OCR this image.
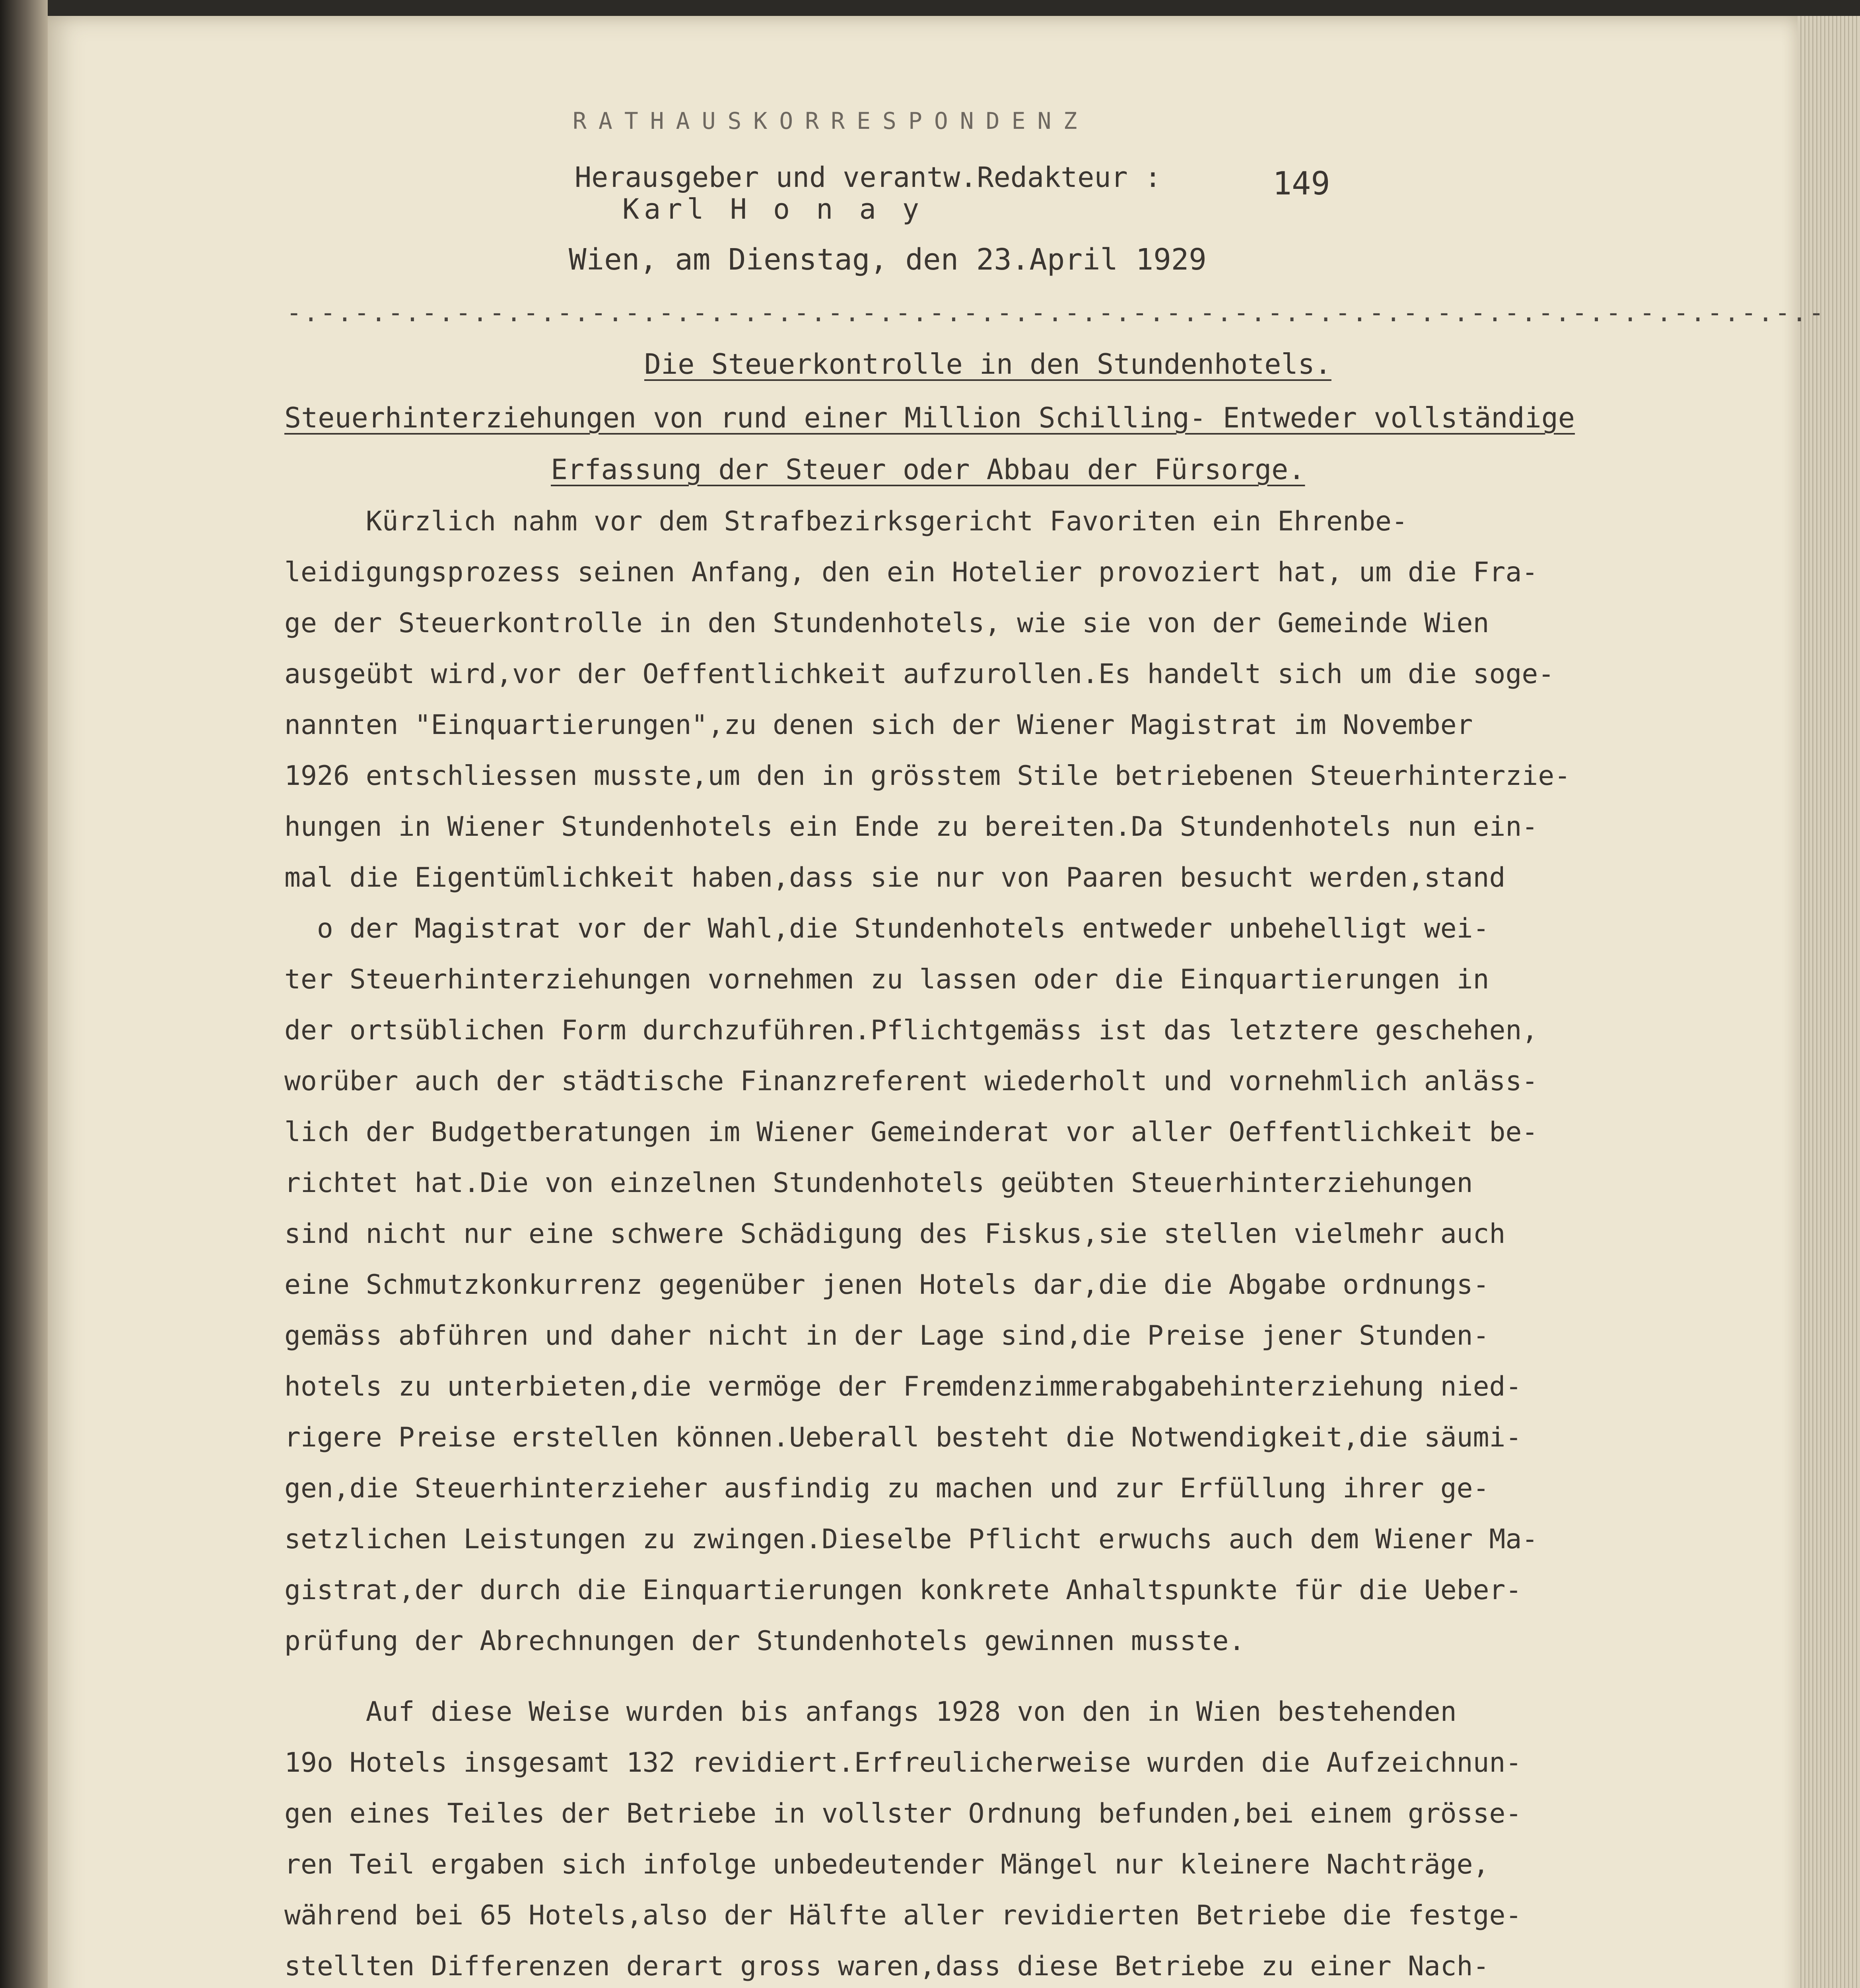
RATHAUSKORRESPONDENZ
Herausgeber und verantw.Redakteur :
Karl H o n a y
149
Wien, am Dienstag, den 23.April 1929
-.-.-.-.-.-.-.-.-.-.-.-.-.-.-.-.-.-.-.-.-.-.-.-.-.-.-.-.-.-.-.-.-.-.-.-.-.-.-.-.-.-.-.-.-.-
Die Steuerkontrolle in den Stundenhotels.
Steuerhinterziehungen von rund einer Million Schilling- Entweder vollständige
Erfassung der Steuer oder Abbau der Fürsorge.
Kürzlich nahm vor dem Strafbezirksgericht Favoriten ein Ehrenbe-
leidigungsprozess seinen Anfang, den ein Hotelier provoziert hat, um die Fra-
ge der Steuerkontrolle in den Stundenhotels, wie sie von der Gemeinde Wien
ausgeübt wird,vor der Oeffentlichkeit aufzurollen.Es handelt sich um die soge-
nannten "Einquartierungen",zu denen sich der Wiener Magistrat im November
1926 entschliessen musste,um den in grösstem Stile betriebenen Steuerhinterzie-
hungen in Wiener Stundenhotels ein Ende zu bereiten.Da Stundenhotels nun ein-
mal die Eigentümlichkeit haben,dass sie nur von Paaren besucht werden,stand
o der Magistrat vor der Wahl,die Stundenhotels entweder unbehelligt wei-
ter Steuerhinterziehungen vornehmen zu lassen oder die Einquartierungen in
der ortsüblichen Form durchzuführen.Pflichtgemäss ist das letztere geschehen,
worüber auch der städtische Finanzreferent wiederholt und vornehmlich anläss-
lich der Budgetberatungen im Wiener Gemeinderat vor aller Oeffentlichkeit be-
richtet hat.Die von einzelnen Stundenhotels geübten Steuerhinterziehungen
sind nicht nur eine schwere Schädigung des Fiskus,sie stellen vielmehr auch
eine Schmutzkonkurrenz gegenüber jenen Hotels dar,die die Abgabe ordnungs-
gemäss abführen und daher nicht in der Lage sind,die Preise jener Stunden-
hotels zu unterbieten,die vermöge der Fremdenzimmerabgabehinterziehung nied-
rigere Preise erstellen können.Ueberall besteht die Notwendigkeit,die säumi-
gen,die Steuerhinterzieher ausfindig zu machen und zur Erfüllung ihrer ge-
setzlichen Leistungen zu zwingen.Dieselbe Pflicht erwuchs auch dem Wiener Ma-
gistrat,der durch die Einquartierungen konkrete Anhaltspunkte für die Ueber-
prüfung der Abrechnungen der Stundenhotels gewinnen musste.
Auf diese Weise wurden bis anfangs 1928 von den in Wien bestehenden
19o Hotels insgesamt 132 revidiert.Erfreulicherweise wurden die Aufzeichnun-
gen eines Teiles der Betriebe in vollster Ordnung befunden,bei einem grösse-
ren Teil ergaben sich infolge unbedeutender Mängel nur kleinere Nachträge,
während bei 65 Hotels,also der Hälfte aller revidierten Betriebe die festge-
stellten Differenzen derart gross waren,dass diese Betriebe zu einer Nach-
